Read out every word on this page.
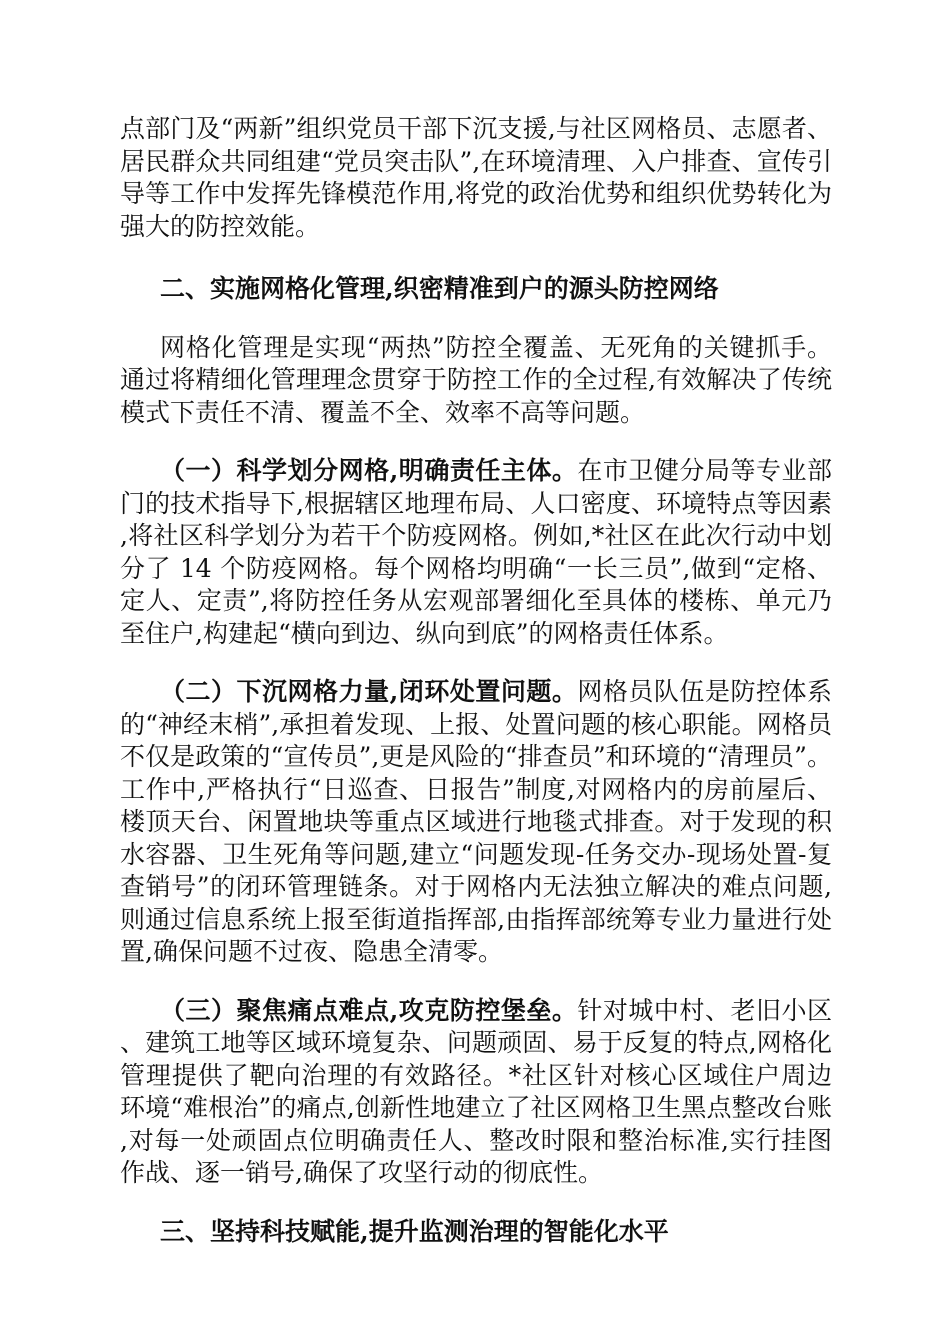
点部门及“两新”组织党员干部下沉支援,与社区网格员、志愿者、居民群众共同组建“党员突击队”,在环境清理、入户排查、宣传引导等工作中发挥先锋模范作用,将党的政治优势和组织优势转化为强大的防控效能。

二、实施网格化管理,织密精准到户的源头防控网络

网格化管理是实现“两热”防控全覆盖、无死角的关键抓手。通过将精细化管理理念贯穿于防控工作的全过程,有效解决了传统模式下责任不清、覆盖不全、效率不高等问题。

（一）科学划分网格,明确责任主体。在市卫健分局等专业部门的技术指导下,根据辖区地理布局、人口密度、环境特点等因素,将社区科学划分为若干个防疫网格。例如,*社区在此次行动中划分了 14 个防疫网格。每个网格均明确“一长三员”,做到“定格、定人、定责”,将防控任务从宏观部署细化至具体的楼栋、单元乃至住户,构建起“横向到边、纵向到底”的网格责任体系。

（二）下沉网格力量,闭环处置问题。网格员队伍是防控体系的“神经末梢”,承担着发现、上报、处置问题的核心职能。网格员不仅是政策的“宣传员”,更是风险的“排查员”和环境的“清理员”。工作中,严格执行“日巡查、日报告”制度,对网格内的房前屋后、楼顶天台、闲置地块等重点区域进行地毯式排查。对于发现的积水容器、卫生死角等问题,建立“问题发现-任务交办-现场处置-复查销号”的闭环管理链条。对于网格内无法独立解决的难点问题,则通过信息系统上报至街道指挥部,由指挥部统筹专业力量进行处置,确保问题不过夜、隐患全清零。

（三）聚焦痛点难点,攻克防控堡垒。针对城中村、老旧小区、建筑工地等区域环境复杂、问题顽固、易于反复的特点,网格化管理提供了靶向治理的有效路径。*社区针对核心区域住户周边环境“难根治”的痛点,创新性地建立了社区网格卫生黑点整改台账,对每一处顽固点位明确责任人、整改时限和整治标准,实行挂图作战、逐一销号,确保了攻坚行动的彻底性。

三、坚持科技赋能,提升监测治理的智能化水平
